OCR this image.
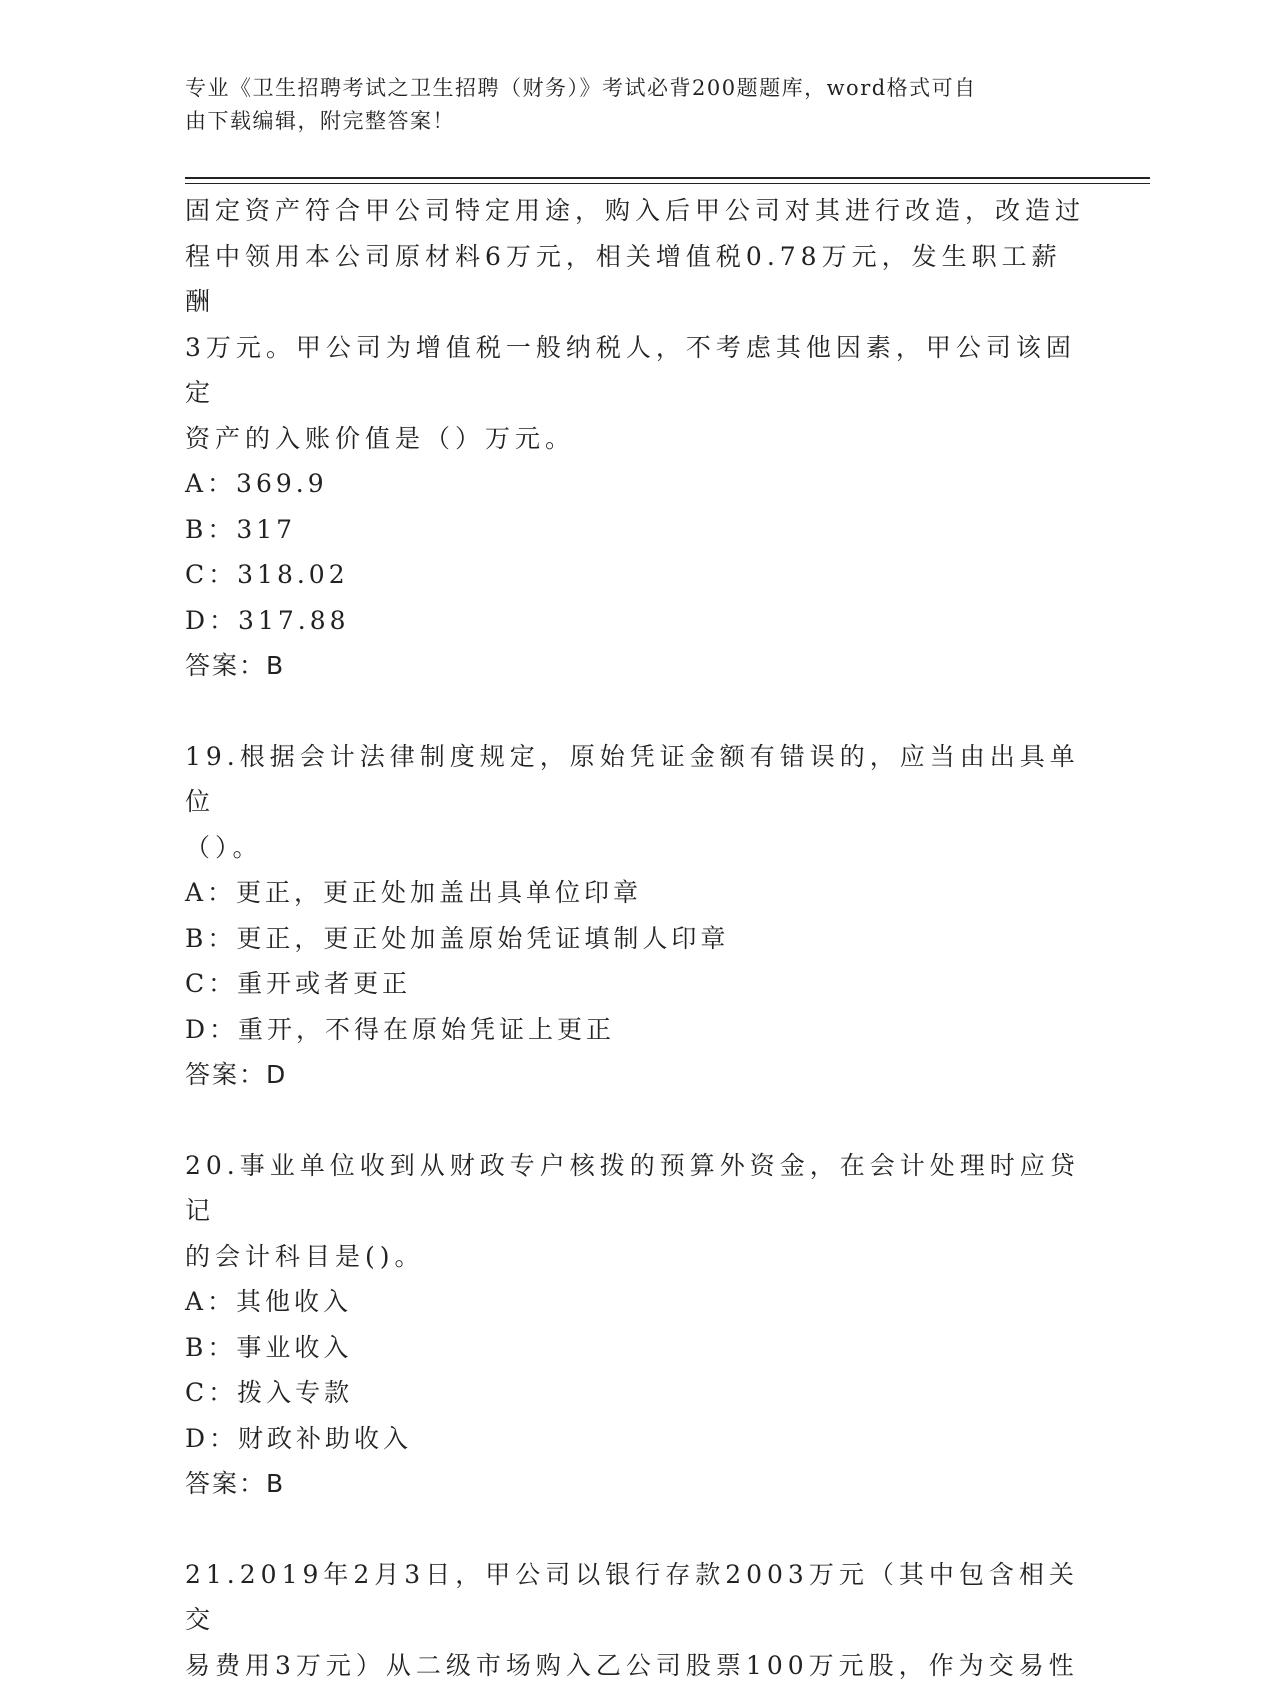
专业《卫生招聘考试之卫生招聘（财务）》考试必背200题题库，word格式可自
由下载编辑，附完整答案！

固定资产符合甲公司特定用途，购入后甲公司对其进行改造，改造过

程中领用本公司原材料6万元，相关增值税0.78万元，发生职工薪酬

3万元。甲公司为增值税一般纳税人，不考虑其他因素，甲公司该固定

资产的入账价值是（）万元。

A：369.9

B：317

C：318.02

D：317.88

答案：B

19.根据会计法律制度规定，原始凭证金额有错误的，应当由出具单位

（）。

A：更正，更正处加盖出具单位印章

B：更正，更正处加盖原始凭证填制人印章

C：重开或者更正

D：重开，不得在原始凭证上更正

答案：D

20.事业单位收到从财政专户核拨的预算外资金，在会计处理时应贷记

的会计科目是()。

A：其他收入

B：事业收入

C：拨入专款

D：财政补助收入

答案：B

21.2019年2月3日，甲公司以银行存款2003万元（其中包含相关交

易费用3万元）从二级市场购入乙公司股票100万元股，作为交易性
